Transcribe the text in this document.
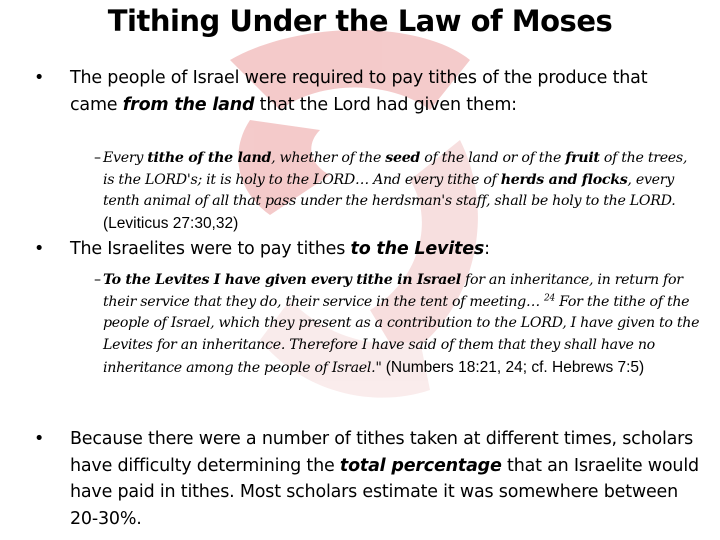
Tithing Under the Law of Moses
• The people of Israel were required to pay tithes of the produce that came from the land that the Lord had given them:
– Every tithe of the land, whether of the seed of the land or of the fruit of the trees, is the LORD's; it is holy to the LORD… And every tithe of herds and flocks, every tenth animal of all that pass under the herdsman's staff, shall be holy to the LORD. (Leviticus 27:30,32)
• The Israelites were to pay tithes to the Levites:
– To the Levites I have given every tithe in Israel for an inheritance, in return for their service that they do, their service in the tent of meeting… $^{24}$ For the tithe of the people of Israel, which they present as a contribution to the LORD, I have given to the Levites for an inheritance. Therefore I have said of them that they shall have no inheritance among the people of Israel." (Numbers 18:21, 24; cf. Hebrews 7:5)
• Because there were a number of tithes taken at different times, scholars have difficulty determining the total percentage that an Israelite would have paid in tithes. Most scholars estimate it was somewhere between 20-30%.
